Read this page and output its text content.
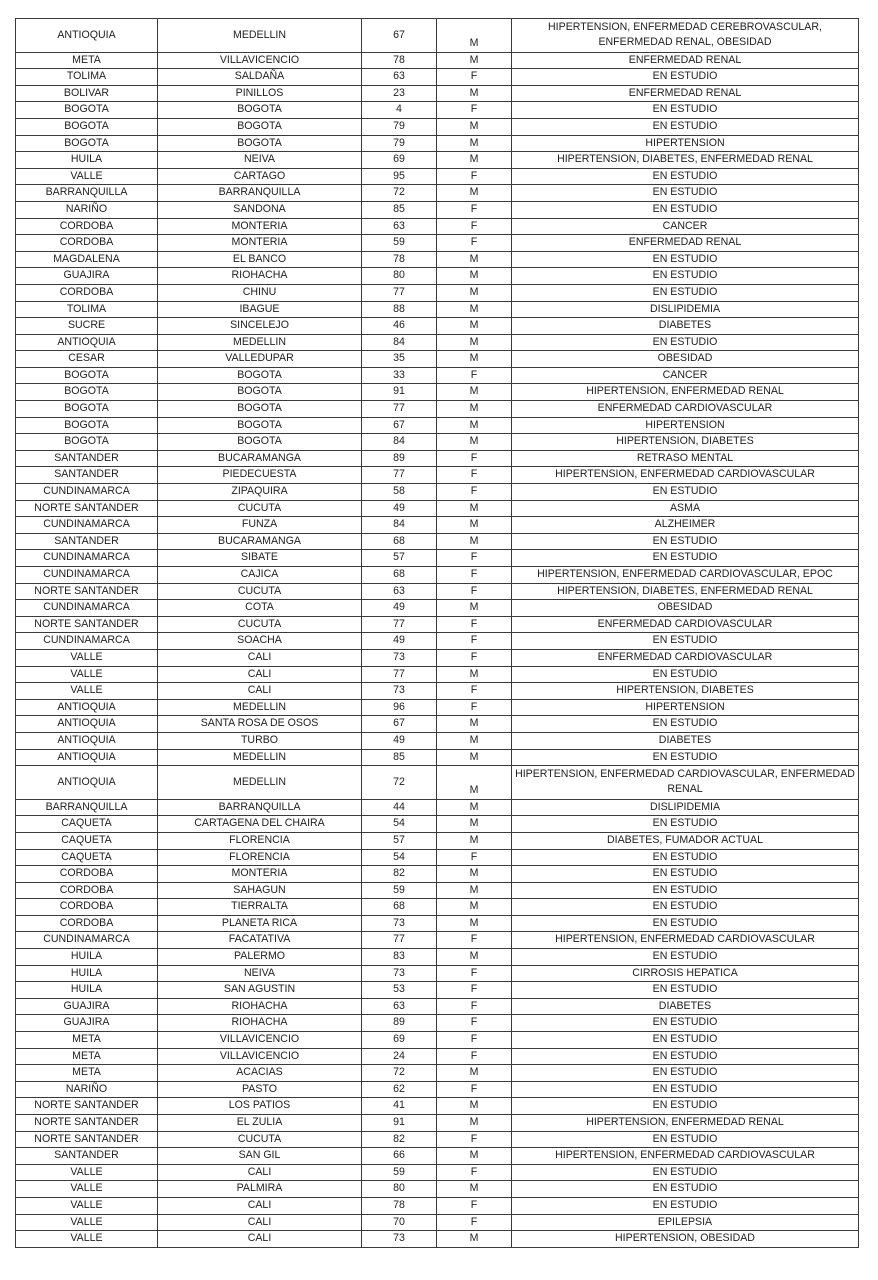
ANTIOQUIA	MEDELLIN	67	M	HIPERTENSION, ENFERMEDAD CEREBROVASCULAR, ENFERMEDAD RENAL, OBESIDAD
META	VILLAVICENCIO	78	M	ENFERMEDAD RENAL
TOLIMA	SALDAÑA	63	F	EN ESTUDIO
BOLIVAR	PINILLOS	23	M	ENFERMEDAD RENAL
BOGOTA	BOGOTA	4	F	EN ESTUDIO
BOGOTA	BOGOTA	79	M	EN ESTUDIO
BOGOTA	BOGOTA	79	M	HIPERTENSION
HUILA	NEIVA	69	M	HIPERTENSION, DIABETES, ENFERMEDAD RENAL
VALLE	CARTAGO	95	F	EN ESTUDIO
BARRANQUILLA	BARRANQUILLA	72	M	EN ESTUDIO
NARIÑO	SANDONA	85	F	EN ESTUDIO
CORDOBA	MONTERIA	63	F	CANCER
CORDOBA	MONTERIA	59	F	ENFERMEDAD RENAL
MAGDALENA	EL BANCO	78	M	EN ESTUDIO
GUAJIRA	RIOHACHA	80	M	EN ESTUDIO
CORDOBA	CHINU	77	M	EN ESTUDIO
TOLIMA	IBAGUE	88	M	DISLIPIDEMIA
SUCRE	SINCELEJO	46	M	DIABETES
ANTIOQUIA	MEDELLIN	84	M	EN ESTUDIO
CESAR	VALLEDUPAR	35	M	OBESIDAD
BOGOTA	BOGOTA	33	F	CANCER
BOGOTA	BOGOTA	91	M	HIPERTENSION, ENFERMEDAD RENAL
BOGOTA	BOGOTA	77	M	ENFERMEDAD CARDIOVASCULAR
BOGOTA	BOGOTA	67	M	HIPERTENSION
BOGOTA	BOGOTA	84	M	HIPERTENSION, DIABETES
SANTANDER	BUCARAMANGA	89	F	RETRASO MENTAL
SANTANDER	PIEDECUESTA	77	F	HIPERTENSION, ENFERMEDAD CARDIOVASCULAR
CUNDINAMARCA	ZIPAQUIRA	58	F	EN ESTUDIO
NORTE SANTANDER	CUCUTA	49	M	ASMA
CUNDINAMARCA	FUNZA	84	M	ALZHEIMER
SANTANDER	BUCARAMANGA	68	M	EN ESTUDIO
CUNDINAMARCA	SIBATE	57	F	EN ESTUDIO
CUNDINAMARCA	CAJICA	68	F	HIPERTENSION, ENFERMEDAD CARDIOVASCULAR, EPOC
NORTE SANTANDER	CUCUTA	63	F	HIPERTENSION, DIABETES, ENFERMEDAD RENAL
CUNDINAMARCA	COTA	49	M	OBESIDAD
NORTE SANTANDER	CUCUTA	77	F	ENFERMEDAD CARDIOVASCULAR
CUNDINAMARCA	SOACHA	49	F	EN ESTUDIO
VALLE	CALI	73	F	ENFERMEDAD CARDIOVASCULAR
VALLE	CALI	77	M	EN ESTUDIO
VALLE	CALI	73	F	HIPERTENSION, DIABETES
ANTIOQUIA	MEDELLIN	96	F	HIPERTENSION
ANTIOQUIA	SANTA ROSA DE OSOS	67	M	EN ESTUDIO
ANTIOQUIA	TURBO	49	M	DIABETES
ANTIOQUIA	MEDELLIN	85	M	EN ESTUDIO
ANTIOQUIA	MEDELLIN	72	M	HIPERTENSION, ENFERMEDAD CARDIOVASCULAR, ENFERMEDAD RENAL
BARRANQUILLA	BARRANQUILLA	44	M	DISLIPIDEMIA
CAQUETA	CARTAGENA DEL CHAIRA	54	M	EN ESTUDIO
CAQUETA	FLORENCIA	57	M	DIABETES, FUMADOR ACTUAL
CAQUETA	FLORENCIA	54	F	EN ESTUDIO
CORDOBA	MONTERIA	82	M	EN ESTUDIO
CORDOBA	SAHAGUN	59	M	EN ESTUDIO
CORDOBA	TIERRALTA	68	M	EN ESTUDIO
CORDOBA	PLANETA RICA	73	M	EN ESTUDIO
CUNDINAMARCA	FACATATIVA	77	F	HIPERTENSION, ENFERMEDAD CARDIOVASCULAR
HUILA	PALERMO	83	M	EN ESTUDIO
HUILA	NEIVA	73	F	CIRROSIS HEPATICA
HUILA	SAN AGUSTIN	53	F	EN ESTUDIO
GUAJIRA	RIOHACHA	63	F	DIABETES
GUAJIRA	RIOHACHA	89	F	EN ESTUDIO
META	VILLAVICENCIO	69	F	EN ESTUDIO
META	VILLAVICENCIO	24	F	EN ESTUDIO
META	ACACIAS	72	M	EN ESTUDIO
NARIÑO	PASTO	62	F	EN ESTUDIO
NORTE SANTANDER	LOS PATIOS	41	M	EN ESTUDIO
NORTE SANTANDER	EL ZULIA	91	M	HIPERTENSION, ENFERMEDAD RENAL
NORTE SANTANDER	CUCUTA	82	F	EN ESTUDIO
SANTANDER	SAN GIL	66	M	HIPERTENSION, ENFERMEDAD CARDIOVASCULAR
VALLE	CALI	59	F	EN ESTUDIO
VALLE	PALMIRA	80	M	EN ESTUDIO
VALLE	CALI	78	F	EN ESTUDIO
VALLE	CALI	70	F	EPILEPSIA
VALLE	CALI	73	M	HIPERTENSION, OBESIDAD
